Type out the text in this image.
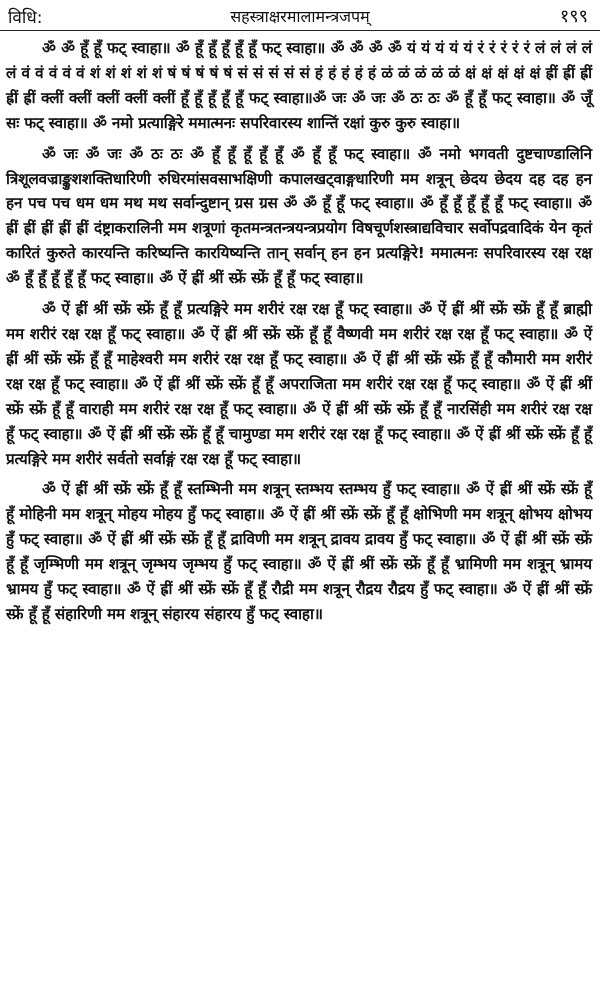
विधि:	सहस्त्राक्षरमालामन्त्रजपम्	१९९

ॐ ॐ हूँ हूँ फट् स्वाहा॥ ॐ हूँ हूँ हूँ हूँ हूँ फट् स्वाहा॥ ॐ ॐ ॐ ॐ यं यं यं यं यं रं रं रं रं रं लं लं लं लं लं वं वं वं वं वं शं शं शं शं शं षं षं षं षं षं सं सं सं सं सं हं हं हं हं हं ळं ळं ळं ळं ळं क्षं क्षं क्षं क्षं क्षं ह्रीं ह्रीं ह्रीं ह्रीं ह्रीं क्लीं क्लीं क्लीं क्लीं क्लीं हूँ हूँ हूँ हूँ हूँ फट् स्वाहा॥ॐ जः ॐ जः ॐ ठः ठः ॐ हूँ हूँ फट् स्वाहा॥ ॐ जूँ सः फट् स्वाहा॥ ॐ नमो प्रत्याङ्गिरे ममात्मनः सपरिवारस्य शान्तिं रक्षां कुरु कुरु स्वाहा॥

ॐ जः ॐ जः ॐ ठः ठः ॐ हूँ हूँ हूँ हूँ हूँ ॐ हूँ हूँ फट् स्वाहा॥ ॐ नमो भगवती दुष्टचाण्डालिनि त्रिशूलवज्राङ्कुशशक्तिधारिणी रुधिरमांसवसाभक्षिणी कपालखट्वाङ्गधारिणी मम शत्रून् छेदय छेदय दह दह हन हन पच पच धम धम मथ मथ सर्वान्दुष्टान् ग्रस ग्रस ॐ ॐ हूँ हूँ फट् स्वाहा॥ ॐ हूँ हूँ हूँ हूँ हूँ फट् स्वाहा॥ ॐ ह्रीं ह्रीं ह्रीं ह्रीं ह्रीं दंष्ट्राकरालिनी मम शत्रूणां कृतमन्त्रतन्त्रयन्त्रप्रयोग विषचूर्णशस्त्राद्यविचार सर्वोपद्रवादिकं येन कृतं कारितं कुरुते कारयन्ति करिष्यन्ति कारयिष्यन्ति तान् सर्वान् हन हन प्रत्यङ्गिरे! ममात्मनः सपरिवारस्य रक्ष रक्ष ॐ हूँ हूँ हूँ हूँ हूँ फट् स्वाहा॥ ॐ ऐं ह्रीं श्रीं स्फ्रें स्फ्रें हूँ हूँ फट् स्वाहा॥

ॐ ऐं ह्रीं श्रीं स्फ्रें स्फ्रें हूँ हूँ प्रत्यङ्गिरे मम शरीरं रक्ष रक्ष हूँ फट् स्वाहा॥ ॐ ऐं ह्रीं श्रीं स्फ्रें स्फ्रें हूँ हूँ ब्राह्मी मम शरीरं रक्ष रक्ष हूँ फट् स्वाहा॥ ॐ ऐं ह्रीं श्रीं स्फ्रें स्फ्रें हूँ हूँ वैष्णवी मम शरीरं रक्ष रक्ष हूँ फट् स्वाहा॥ ॐ ऐं ह्रीं श्रीं स्फ्रें स्फ्रें हूँ हूँ माहेश्वरी मम शरीरं रक्ष रक्ष हूँ फट् स्वाहा॥ ॐ ऐं ह्रीं श्रीं स्फ्रें स्फ्रें हूँ हूँ कौमारी मम शरीरं रक्ष रक्ष हूँ फट् स्वाहा॥ ॐ ऐं ह्रीं श्रीं स्फ्रें स्फ्रें हूँ हूँ अपराजिता मम शरीरं रक्ष रक्ष हूँ फट् स्वाहा॥ ॐ ऐं ह्रीं श्रीं स्फ्रें स्फ्रें हूँ हूँ वाराही मम शरीरं रक्ष रक्ष हूँ फट् स्वाहा॥ ॐ ऐं ह्रीं श्रीं स्फ्रें स्फ्रें हूँ हूँ नारसिंही मम शरीरं रक्ष रक्ष हूँ फट् स्वाहा॥ ॐ ऐं ह्रीं श्रीं स्फ्रें स्फ्रें हूँ हूँ चामुण्डा मम शरीरं रक्ष रक्ष हूँ फट् स्वाहा॥ ॐ ऐं ह्रीं श्रीं स्फ्रें स्फ्रें हूँ हूँ प्रत्यङ्गिरे मम शरीरं सर्वतो सर्वाङ्गं रक्ष रक्ष हूँ फट् स्वाहा॥

ॐ ऐं ह्रीं श्रीं स्फ्रें स्फ्रें हूँ हूँ स्तम्भिनी मम शत्रून् स्तम्भय स्तम्भय हुँ फट् स्वाहा॥ ॐ ऐं ह्रीं श्रीं स्फ्रें स्फ्रें हूँ हूँ मोहिनी मम शत्रून् मोहय मोहय हुँ फट् स्वाहा॥ ॐ ऐं ह्रीं श्रीं स्फ्रें स्फ्रें हूँ हूँ क्षोभिणी मम शत्रून् क्षोभय क्षोभय हुँ फट् स्वाहा॥ ॐ ऐं ह्रीं श्रीं स्फ्रें स्फ्रें हूँ हूँ द्राविणी मम शत्रून् द्रावय द्रावय हुँ फट् स्वाहा॥ ॐ ऐं ह्रीं श्रीं स्फ्रें स्फ्रें हूँ हूँ जृम्भिणी मम शत्रून् जृम्भय जृम्भय हुँ फट् स्वाहा॥ ॐ ऐं ह्रीं श्रीं स्फ्रें स्फ्रें हूँ हूँ भ्रामिणी मम शत्रून् भ्रामय भ्रामय हुँ फट् स्वाहा॥ ॐ ऐं ह्रीं श्रीं स्फ्रें स्फ्रें हूँ हूँ रौद्री मम शत्रून् रौद्रय रौद्रय हुँ फट् स्वाहा॥ ॐ ऐं ह्रीं श्रीं स्फ्रें स्फ्रें हूँ हूँ संहारिणी मम शत्रून् संहारय संहारय हुँ फट् स्वाहा॥
